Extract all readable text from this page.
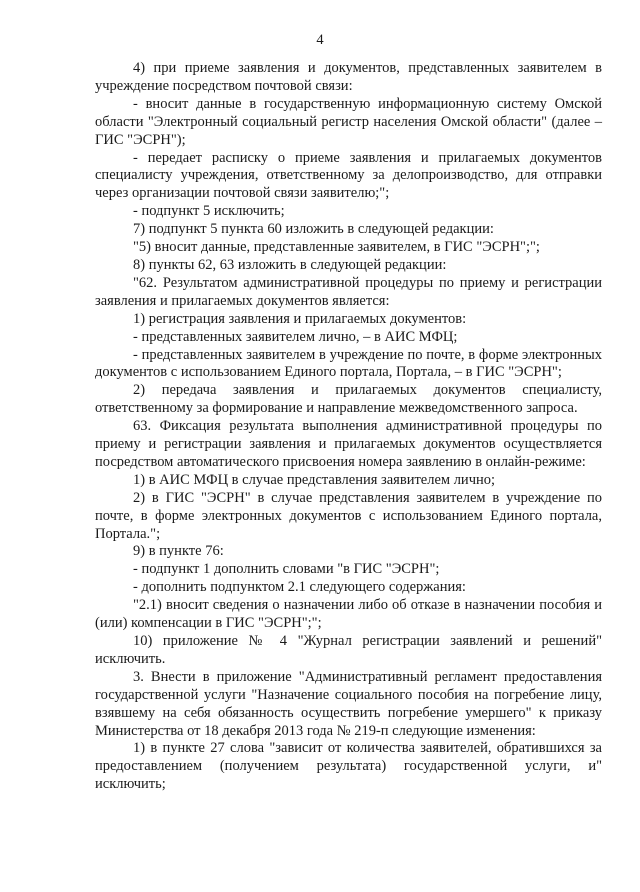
4

4) при приеме заявления и документов, представленных заявителем в учреждение посредством почтовой связи:

- вносит данные в государственную информационную систему Омской области "Электронный социальный регистр населения Омской области" (далее – ГИС "ЭСРН");

- передает расписку о приеме заявления и прилагаемых документов специалисту учреждения, ответственному за делопроизводство, для отправки через организации почтовой связи заявителю;";

- подпункт 5 исключить;

7) подпункт 5 пункта 60 изложить в следующей редакции:

"5) вносит данные, представленные заявителем, в ГИС "ЭСРН";";

8) пункты 62, 63 изложить в следующей редакции:

"62. Результатом административной процедуры по приему и регистрации заявления и прилагаемых документов является:

1) регистрация заявления и прилагаемых документов:

- представленных заявителем лично, – в АИС МФЦ;

- представленных заявителем в учреждение по почте, в форме электронных документов с использованием Единого портала, Портала, – в ГИС "ЭСРН";

2) передача заявления и прилагаемых документов специалисту, ответственному за формирование и направление межведомственного запроса.

63. Фиксация результата выполнения административной процедуры по приему и регистрации заявления и прилагаемых документов осуществляется посредством автоматического присвоения номера заявлению в онлайн-режиме:

1) в АИС МФЦ в случае представления заявителем лично;

2) в ГИС "ЭСРН" в случае представления заявителем в учреждение по почте, в форме электронных документов с использованием Единого портала, Портала.";

9) в пункте 76:

- подпункт 1 дополнить словами "в ГИС "ЭСРН";

- дополнить подпунктом 2.1 следующего содержания:

"2.1) вносит сведения о назначении либо об отказе в назначении пособия и (или) компенсации в ГИС "ЭСРН";";

10) приложение № 4 "Журнал регистрации заявлений и решений" исключить.

3. Внести в приложение "Административный регламент предоставления государственной услуги "Назначение социального пособия на погребение лицу, взявшему на себя обязанность осуществить погребение умершего" к приказу Министерства от 18 декабря 2013 года № 219-п следующие изменения:

1) в пункте 27 слова "зависит от количества заявителей, обратившихся за предоставлением (получением результата) государственной услуги, и" исключить;
